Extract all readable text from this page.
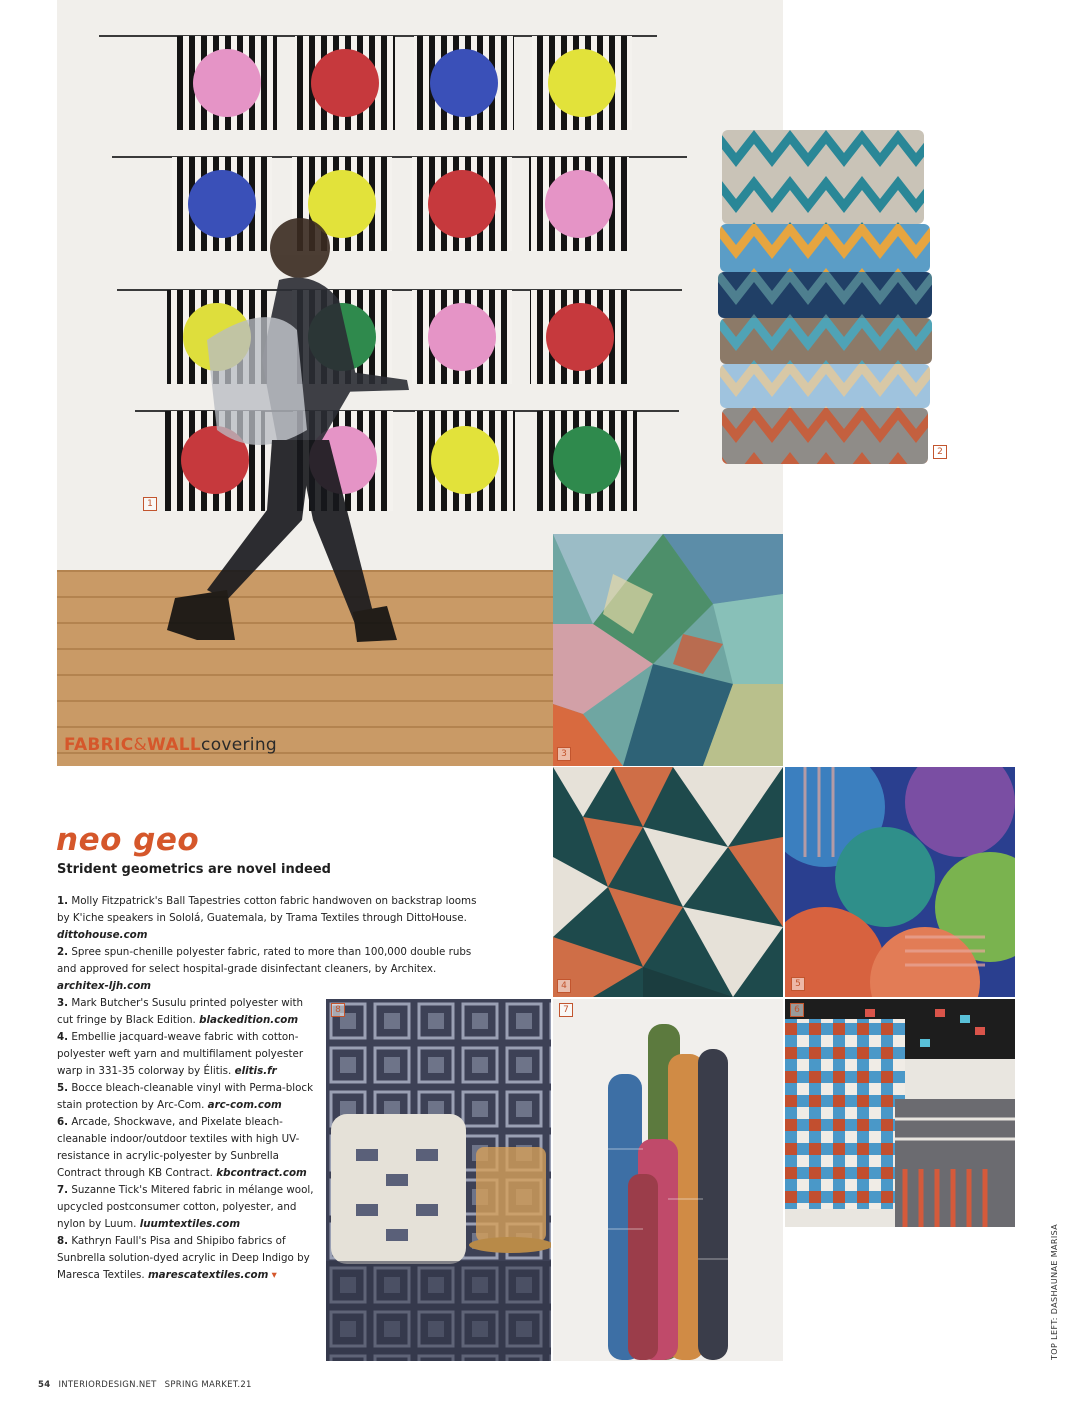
1
FABRIC&WALLcovering
2
3
4	5
6
7
8
neo geo
Strident geometrics are novel indeed
1. Molly Fitzpatrick's Ball Tapestries cotton fabric handwoven on backstrap looms by K'iche speakers in Sololá, Guatemala, by Trama Textiles through DittoHouse. dittohouse.com
2. Spree spun-chenille polyester fabric, rated to more than 100,000 double rubs and approved for select hospital-grade disinfectant cleaners, by Architex. architex-ljh.com
3. Mark Butcher's Susulu printed polyester with cut fringe by Black Edition. blackedition.com
4. Embellie jacquard-weave fabric with cotton-polyester weft yarn and multifilament polyester warp in 331-35 colorway by Élitis. elitis.fr
5. Bocce bleach-cleanable vinyl with Perma-block stain protection by Arc-Com. arc-com.com
6. Arcade, Shockwave, and Pixelate bleach-cleanable indoor/outdoor textiles with high UV-resistance in acrylic-polyester by Sunbrella Contract through KB Contract. kbcontract.com
7. Suzanne Tick's Mitered fabric in mélange wool, upcycled postconsumer cotton, polyester, and nylon by Luum. luumtextiles.com
8. Kathryn Faull's Pisa and Shipibo fabrics of Sunbrella solution-dyed acrylic in Deep Indigo by Maresca Textiles. marescatextiles.com ▾
54 INTERIORDESIGN.NET SPRING MARKET.21
TOP LEFT: DASHAUNAE MARISA
